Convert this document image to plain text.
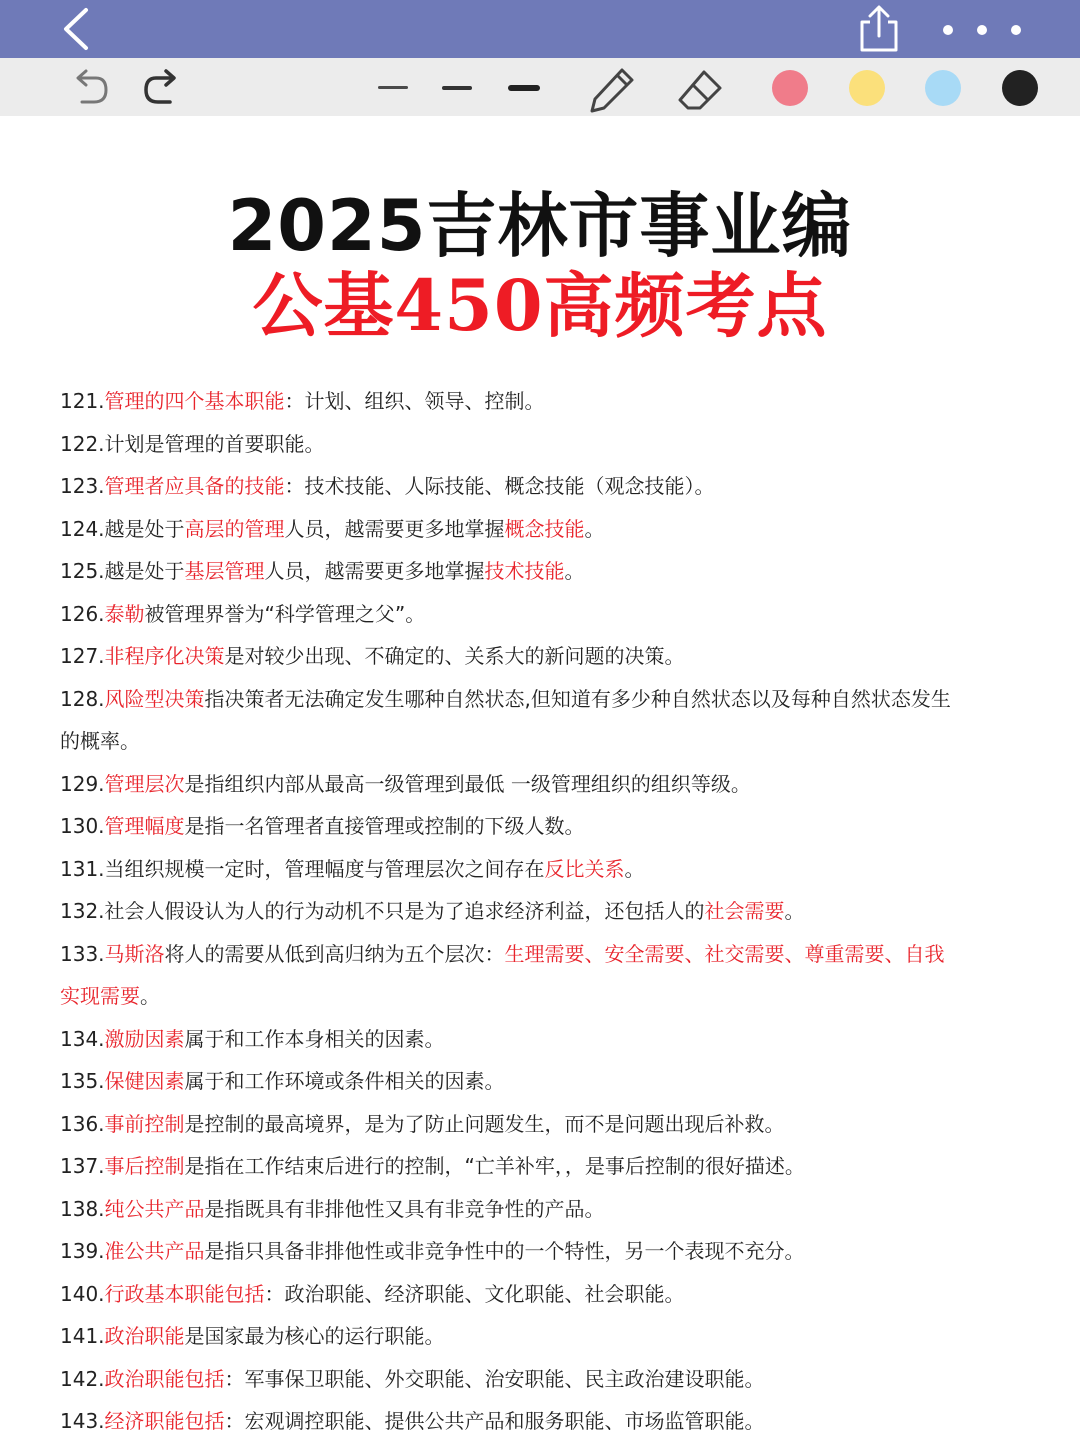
2025吉林市事业编
公基450高频考点
121.管理的四个基本职能：计划、组织、领导、控制。
122.计划是管理的首要职能。
123.管理者应具备的技能：技术技能、人际技能、概念技能（观念技能）。
124.越是处于高层的管理人员，越需要更多地掌握概念技能。
125.越是处于基层管理人员，越需要更多地掌握技术技能。
126.泰勒被管理界誉为“科学管理之父”。
127.非程序化决策是对较少出现、不确定的、关系大的新问题的决策。
128.风险型决策指决策者无法确定发生哪种自然状态,但知道有多少种自然状态以及每种自然状态发生的概率。
129.管理层次是指组织内部从最高一级管理到最低 一级管理组织的组织等级。
130.管理幅度是指一名管理者直接管理或控制的下级人数。
131.当组织规模一定时，管理幅度与管理层次之间存在反比关系。
132.社会人假设认为人的行为动机不只是为了追求经济利益，还包括人的社会需要。
133.马斯洛将人的需要从低到高归纳为五个层次：生理需要、安全需要、社交需要、尊重需要、自我实现需要。
134.激励因素属于和工作本身相关的因素。
135.保健因素属于和工作环境或条件相关的因素。
136.事前控制是控制的最高境界，是为了防止问题发生，而不是问题出现后补救。
137.事后控制是指在工作结束后进行的控制，“亡羊补牢，，是事后控制的很好描述。
138.纯公共产品是指既具有非排他性又具有非竞争性的产品。
139.准公共产品是指只具备非排他性或非竞争性中的一个特性，另一个表现不充分。
140.行政基本职能包括：政治职能、经济职能、文化职能、社会职能。
141.政治职能是国家最为核心的运行职能。
142.政治职能包括：军事保卫职能、外交职能、治安职能、民主政治建设职能。
143.经济职能包括：宏观调控职能、提供公共产品和服务职能、市场监管职能。
